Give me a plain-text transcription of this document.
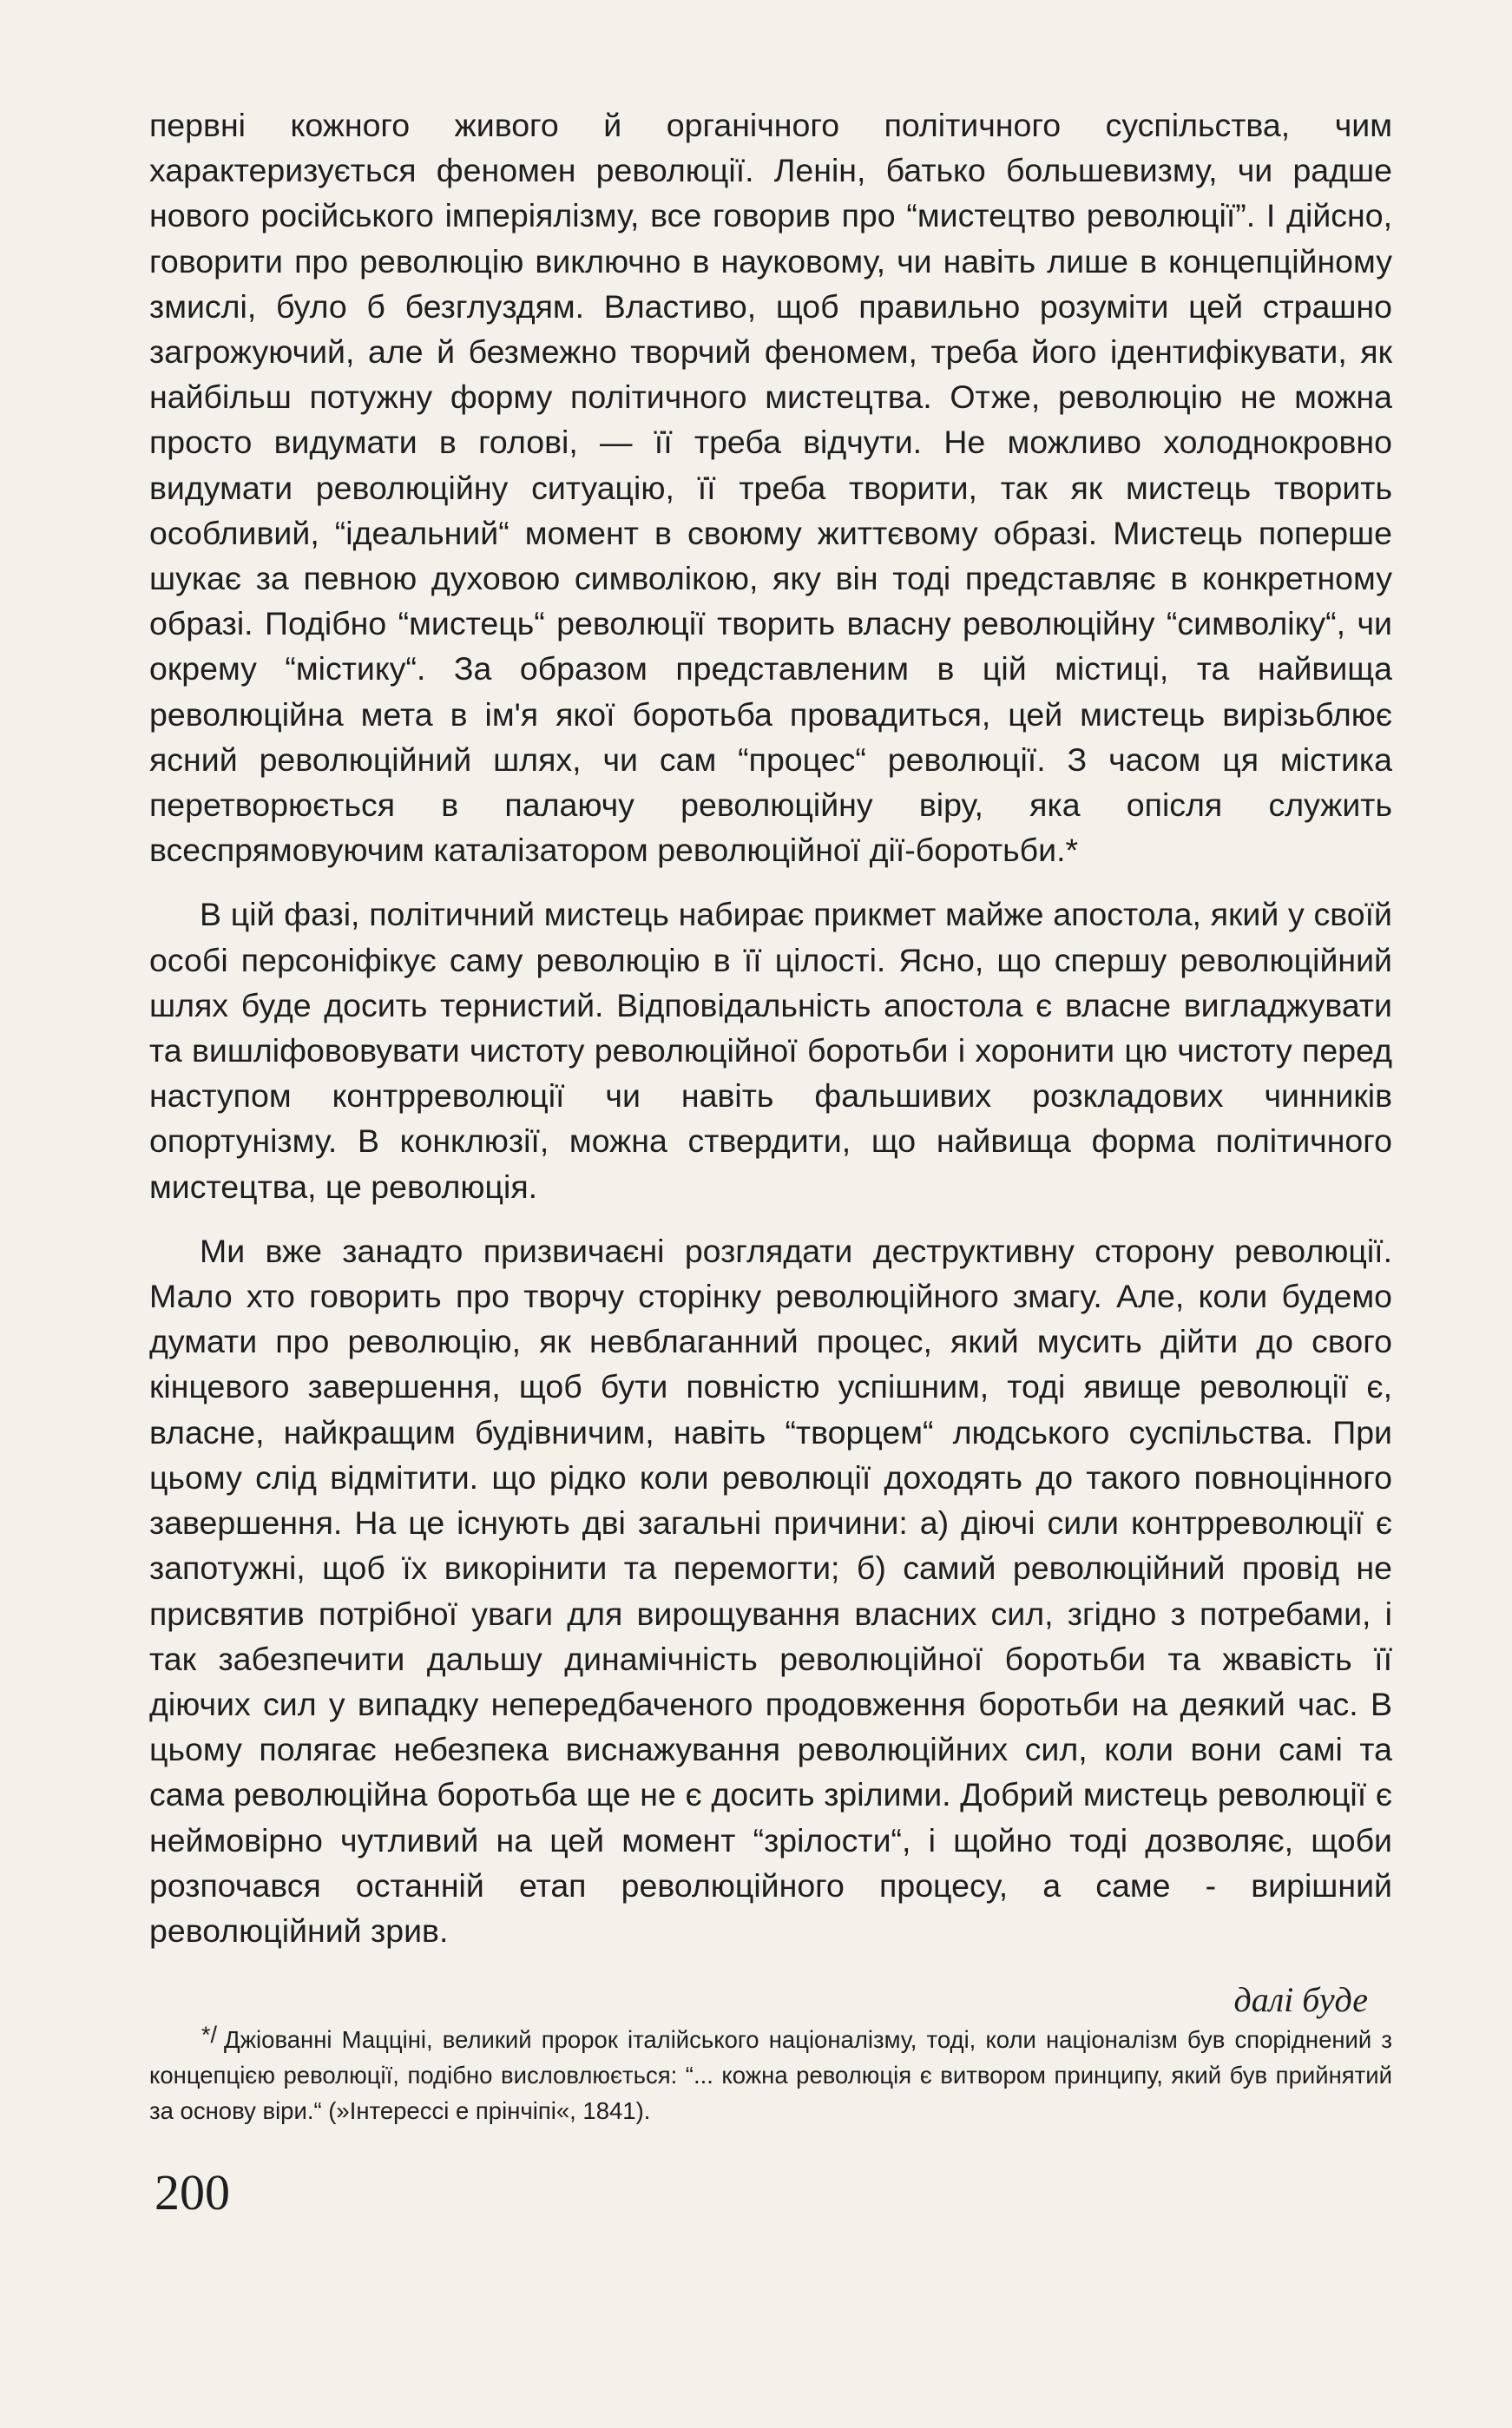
первні кожного живого й органічного політичного суспільства, чим характеризується феномен революції. Ленін, батько большевизму, чи радше нового російського імперіялізму, все говорив про “мистецтво революції”. І дійсно, говорити про революцію виключно в науковому, чи навіть лише в концепційному змислі, було б безглуздям. Властиво, щоб правильно розуміти цей страшно загрожуючий, але й безмежно творчий феномем, треба його ідентифікувати, як найбільш потужну форму політичного мистецтва. Отже, революцію не можна просто видумати в голові, — її треба відчути. Не можливо холоднокровно видумати революційну ситуацію, її треба творити, так як мистець творить особливий, “ідеальний“ момент в своюму життєвому образі. Мистець поперше шукає за певною духовою символікою, яку він тоді представляє в конкретному образі. Подібно “мистець“ революції творить власну революційну “символіку“, чи окрему “містику“. За образом представленим в цій містиці, та найвища революційна мета в ім'я якої боротьба провадиться, цей мистець вирізьблює ясний революційний шлях, чи сам “процес“ революції. З часом ця містика перетворюється в палаючу революційну віру, яка опісля служить всеспрямовуючим каталізатором революційної дії-боротьби.*

В цій фазі, політичний мистець набирає прикмет майже апостола, який у своїй особі персоніфікує саму революцію в її цілості. Ясно, що спершу революційний шлях буде досить тернистий. Відповідальність апостола є власне вигладжувати та вишліфововувати чистоту революційної боротьби і хоронити цю чистоту перед наступом контрреволюції чи навіть фальшивих розкладових чинників опортунізму. В конклюзії, можна ствердити, що найвища форма політичного мистецтва, це революція.

Ми вже занадто призвичаєні розглядати деструктивну сторону революції. Мало хто говорить про творчу сторінку революційного змагу. Але, коли будемо думати про революцію, як невблаганний процес, який мусить дійти до свого кінцевого завершення, щоб бути повністю успішним, тоді явище революції є, власне, найкращим будівничим, навіть “творцем“ людського суспільства. При цьому слід відмітити. що рідко коли революції доходять до такого повноцінного завершення. На це існують дві загальні причини: а) діючі сили контрреволюції є запотужні, щоб їх викорінити та перемогти; б) самий революційний провід не присвятив потрібної уваги для вирощування власних сил, згідно з потребами, і так забезпечити дальшу динамічність революційної боротьби та жвавість її діючих сил у випадку непередбаченого продовження боротьби на деякий час. В цьому полягає небезпека виснажування революційних сил, коли вони самі та сама революційна боротьба ще не є досить зрілими. Добрий мистець революції є неймовірно чутливий на цей момент “зрілости“, і щойно тоді дозволяє, щоби розпочався останній етап революційного процесу, а саме - вирішний революційний зрив.

далі буде

*/ Джіованні Мацціні, великий пророк італійського націоналізму, тоді, коли націоналізм був споріднений з концепцією революції, подібно висловлюється: “... кожна революція є витвором принципу, який був прийнятий за основу віри.“ (»Інтерессі е прінчіпі«, 1841).
200
